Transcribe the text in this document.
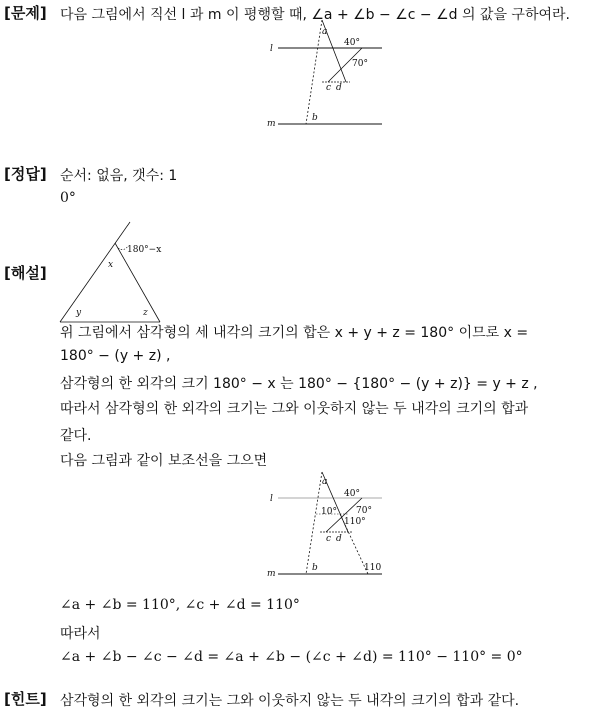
[문제] 다음 그림에서 직선 l 과 m 이 평행할 때, ∠a + ∠b − ∠c − ∠d 의 값을 구하여라.
l
m
40°
70°
a
b
c d
[정답] 순서: 없음, 갯수: 1
0°
[해설]
180°−x
x
y	z
위 그림에서 삼각형의 세 내각의 크기의 합은 x + y + z = 180° 이므로 x =
180° − (y + z) ,
삼각형의 한 외각의 크기 180° − x 는 180° − {180° − (y + z)} = y + z ,
따라서 삼각형의 한 외각의 크기는 그와 이웃하지 않는 두 내각의 크기의 합과
같다.
다음 그림과 같이 보조선을 그으면
l
m
40°
70°
10°
110°
a
b
c d
110
∠a + ∠b = 110°, ∠c + ∠d = 110°
따라서
∠a + ∠b − ∠c − ∠d = ∠a + ∠b − (∠c + ∠d) = 110° − 110° = 0°
[힌트] 삼각형의 한 외각의 크기는 그와 이웃하지 않는 두 내각의 크기의 합과 같다.
